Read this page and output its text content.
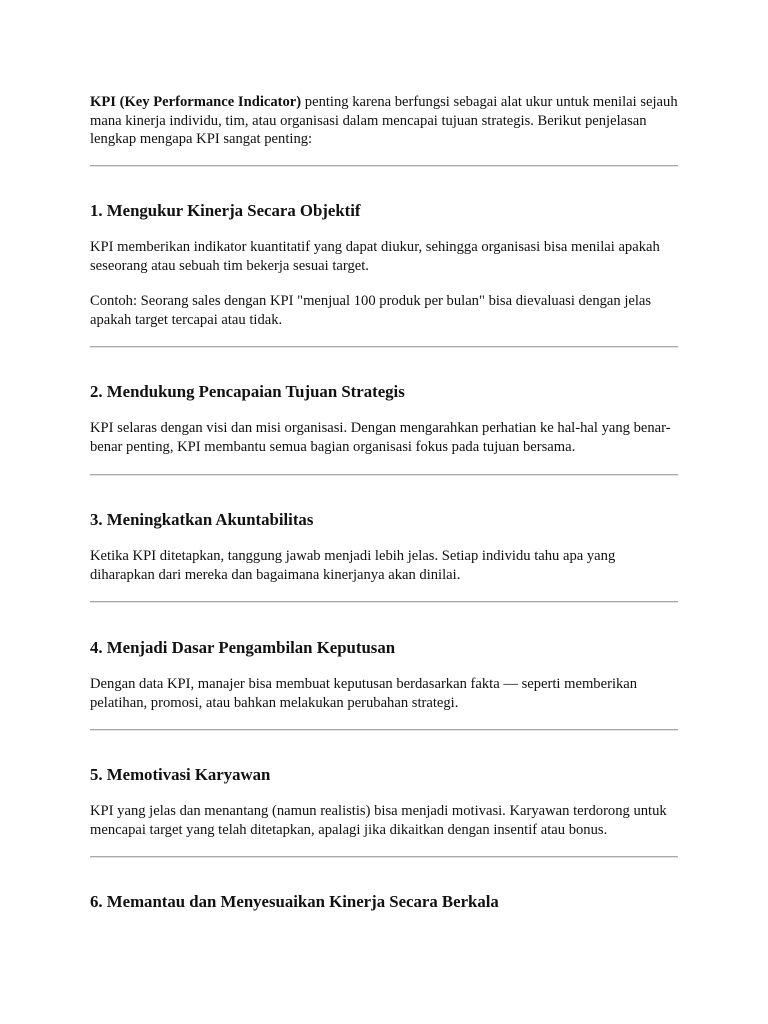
KPI (Key Performance Indicator) penting karena berfungsi sebagai alat ukur untuk menilai sejauh mana kinerja individu, tim, atau organisasi dalam mencapai tujuan strategis. Berikut penjelasan lengkap mengapa KPI sangat penting:

1. Mengukur Kinerja Secara Objektif

KPI memberikan indikator kuantitatif yang dapat diukur, sehingga organisasi bisa menilai apakah seseorang atau sebuah tim bekerja sesuai target.

Contoh: Seorang sales dengan KPI "menjual 100 produk per bulan" bisa dievaluasi dengan jelas apakah target tercapai atau tidak.

2. Mendukung Pencapaian Tujuan Strategis

KPI selaras dengan visi dan misi organisasi. Dengan mengarahkan perhatian ke hal-hal yang benar-benar penting, KPI membantu semua bagian organisasi fokus pada tujuan bersama.

3. Meningkatkan Akuntabilitas

Ketika KPI ditetapkan, tanggung jawab menjadi lebih jelas. Setiap individu tahu apa yang diharapkan dari mereka dan bagaimana kinerjanya akan dinilai.

4. Menjadi Dasar Pengambilan Keputusan

Dengan data KPI, manajer bisa membuat keputusan berdasarkan fakta — seperti memberikan pelatihan, promosi, atau bahkan melakukan perubahan strategi.

5. Memotivasi Karyawan

KPI yang jelas dan menantang (namun realistis) bisa menjadi motivasi. Karyawan terdorong untuk mencapai target yang telah ditetapkan, apalagi jika dikaitkan dengan insentif atau bonus.

6. Memantau dan Menyesuaikan Kinerja Secara Berkala
